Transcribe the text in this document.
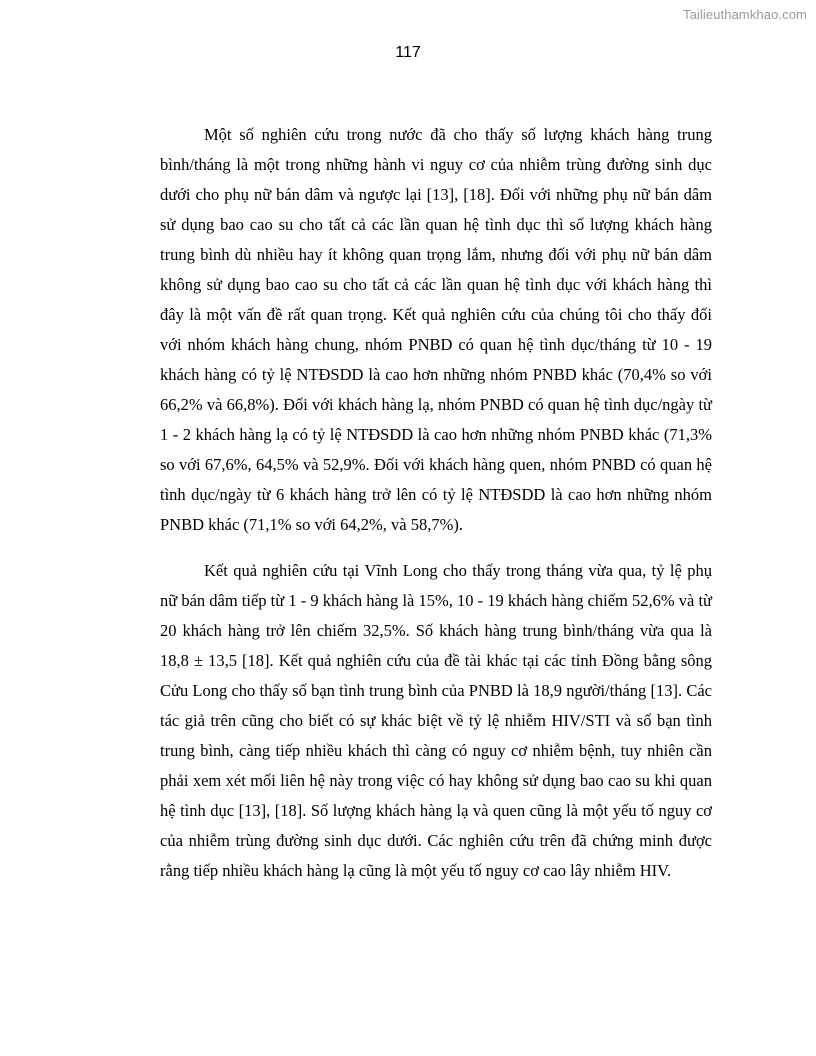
Tailieuthamkhao.com
117

Một số nghiên cứu trong nước đã cho thấy số lượng khách hàng trung bình/tháng là một trong những hành vi nguy cơ của nhiễm trùng đường sinh dục dưới cho phụ nữ bán dâm và ngược lại [13], [18]. Đối với những phụ nữ bán dâm sử dụng bao cao su cho tất cả các lần quan hệ tình dục thì số lượng khách hàng trung bình dù nhiều hay ít không quan trọng lắm, nhưng đối với phụ nữ bán dâm không sử dụng bao cao su cho tất cả các lần quan hệ tình dục với khách hàng thì đây là một vấn đề rất quan trọng. Kết quả nghiên cứu của chúng tôi cho thấy đối với nhóm khách hàng chung, nhóm PNBD có quan hệ tình dục/tháng từ 10 - 19 khách hàng có tỷ lệ NTĐSDD là cao hơn những nhóm PNBD khác (70,4% so với 66,2% và 66,8%). Đối với khách hàng lạ, nhóm PNBD có quan hệ tình dục/ngày từ 1 - 2 khách hàng lạ có tỷ lệ NTĐSDD là cao hơn những nhóm PNBD khác (71,3% so với 67,6%, 64,5% và 52,9%. Đối với khách hàng quen, nhóm PNBD có quan hệ tình dục/ngày từ 6 khách hàng trở lên có tỷ lệ NTĐSDD là cao hơn những nhóm PNBD khác (71,1% so với 64,2%, và 58,7%).

Kết quả nghiên cứu tại Vĩnh Long cho thấy trong tháng vừa qua, tỷ lệ phụ nữ bán dâm tiếp từ 1 - 9 khách hàng là 15%, 10 - 19 khách hàng chiếm 52,6% và từ 20 khách hàng trở lên chiếm 32,5%. Số khách hàng trung bình/tháng vừa qua là 18,8 ± 13,5 [18]. Kết quả nghiên cứu của đề tài khác tại các tỉnh Đồng bằng sông Cửu Long cho thấy số bạn tình trung bình của PNBD là 18,9 người/tháng [13]. Các tác giả trên cũng cho biết có sự khác biệt về tỷ lệ nhiễm HIV/STI và số bạn tình trung bình, càng tiếp nhiều khách thì càng có nguy cơ nhiễm bệnh, tuy nhiên cần phải xem xét mối liên hệ này trong việc có hay không sử dụng bao cao su khi quan hệ tình dục [13], [18]. Số lượng khách hàng lạ và quen cũng là một yếu tố nguy cơ của nhiễm trùng đường sinh dục dưới. Các nghiên cứu trên đã chứng minh được rằng tiếp nhiều khách hàng lạ cũng là một yếu tố nguy cơ cao lây nhiễm HIV.
